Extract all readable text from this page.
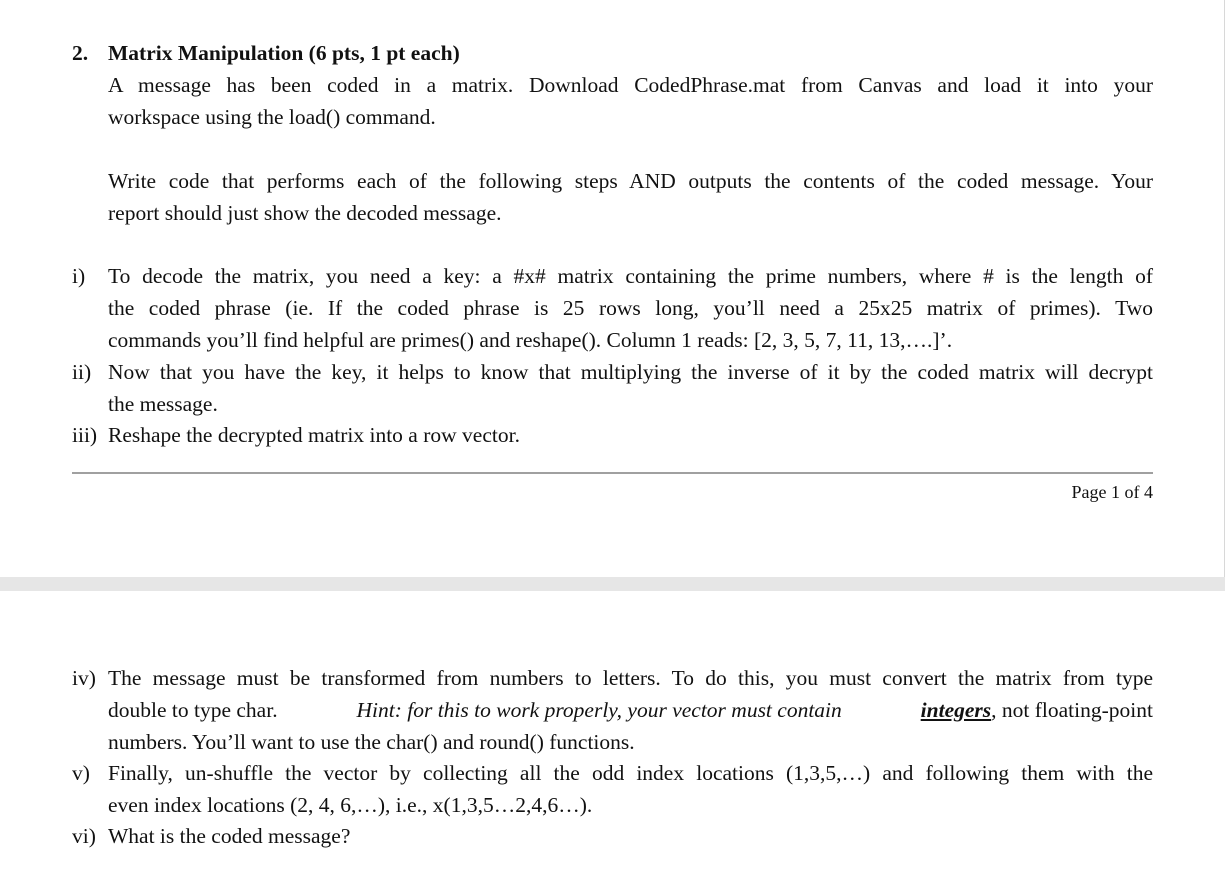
2. Matrix Manipulation (6 pts, 1 pt each)
A message has been coded in a matrix. Download CodedPhrase.mat from Canvas and load it into your
workspace using the load() command.
Write code that performs each of the following steps AND outputs the contents of the coded message. Your
report should just show the decoded message.
i) To decode the matrix, you need a key: a #x# matrix containing the prime numbers, where # is the length of
the coded phrase (ie. If the coded phrase is 25 rows long, you’ll need a 25x25 matrix of primes). Two
commands you’ll find helpful are primes() and reshape(). Column 1 reads: [2, 3, 5, 7, 11, 13,….]’.
ii) Now that you have the key, it helps to know that multiplying the inverse of it by the coded matrix will decrypt
the message.
iii) Reshape the decrypted matrix into a row vector.
Page 1 of 4
iv) The message must be transformed from numbers to letters. To do this, you must convert the matrix from type
double to type char.	Hint: for this to work properly, your vector must contain	integers, not floating-point
numbers. You’ll want to use the char() and round() functions.
v) Finally, un-shuffle the vector by collecting all the odd index locations (1,3,5,…) and following them with the
even index locations (2, 4, 6,…), i.e., x(1,3,5…2,4,6…).
vi) What is the coded message?
